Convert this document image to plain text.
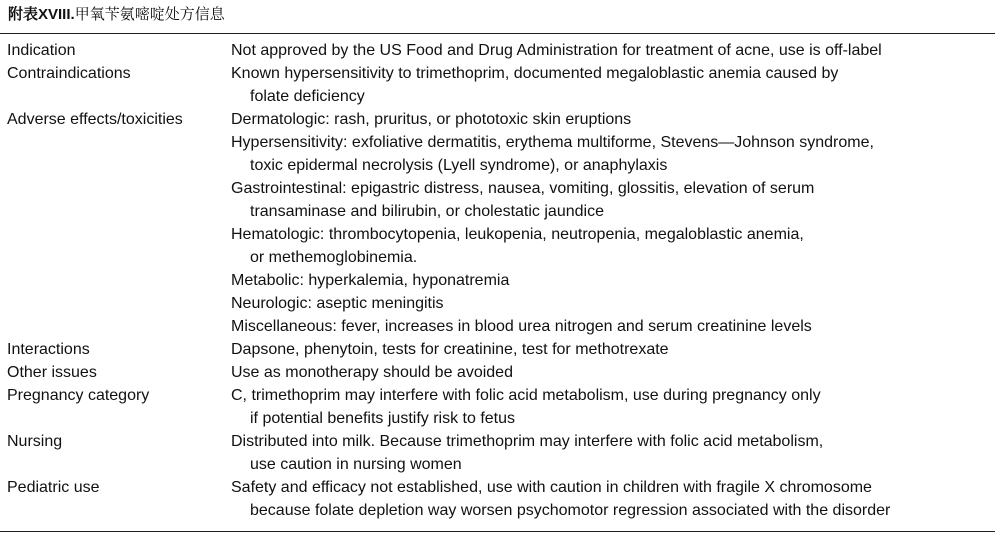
附表XVIII.甲氧苄氨嘧啶处方信息
Indication	Not approved by the US Food and Drug Administration for treatment of acne, use is off-label
Contraindications	Known hypersensitivity to trimethoprim, documented megaloblastic anemia caused by
folate deficiency
Adverse effects/toxicities	Dermatologic: rash, pruritus, or phototoxic skin eruptions
Hypersensitivity: exfoliative dermatitis, erythema multiforme, Stevens—Johnson syndrome,
toxic epidermal necrolysis (Lyell syndrome), or anaphylaxis
Gastrointestinal: epigastric distress, nausea, vomiting, glossitis, elevation of serum
transaminase and bilirubin, or cholestatic jaundice
Hematologic: thrombocytopenia, leukopenia, neutropenia, megaloblastic anemia,
or methemoglobinemia.
Metabolic: hyperkalemia, hyponatremia
Neurologic: aseptic meningitis
Miscellaneous: fever, increases in blood urea nitrogen and serum creatinine levels
Interactions	Dapsone, phenytoin, tests for creatinine, test for methotrexate
Other issues	Use as monotherapy should be avoided
Pregnancy category	C, trimethoprim may interfere with folic acid metabolism, use during pregnancy only
if potential benefits justify risk to fetus
Nursing	Distributed into milk. Because trimethoprim may interfere with folic acid metabolism,
use caution in nursing women
Pediatric use	Safety and efficacy not established, use with caution in children with fragile X chromosome
because folate depletion way worsen psychomotor regression associated with the disorder
